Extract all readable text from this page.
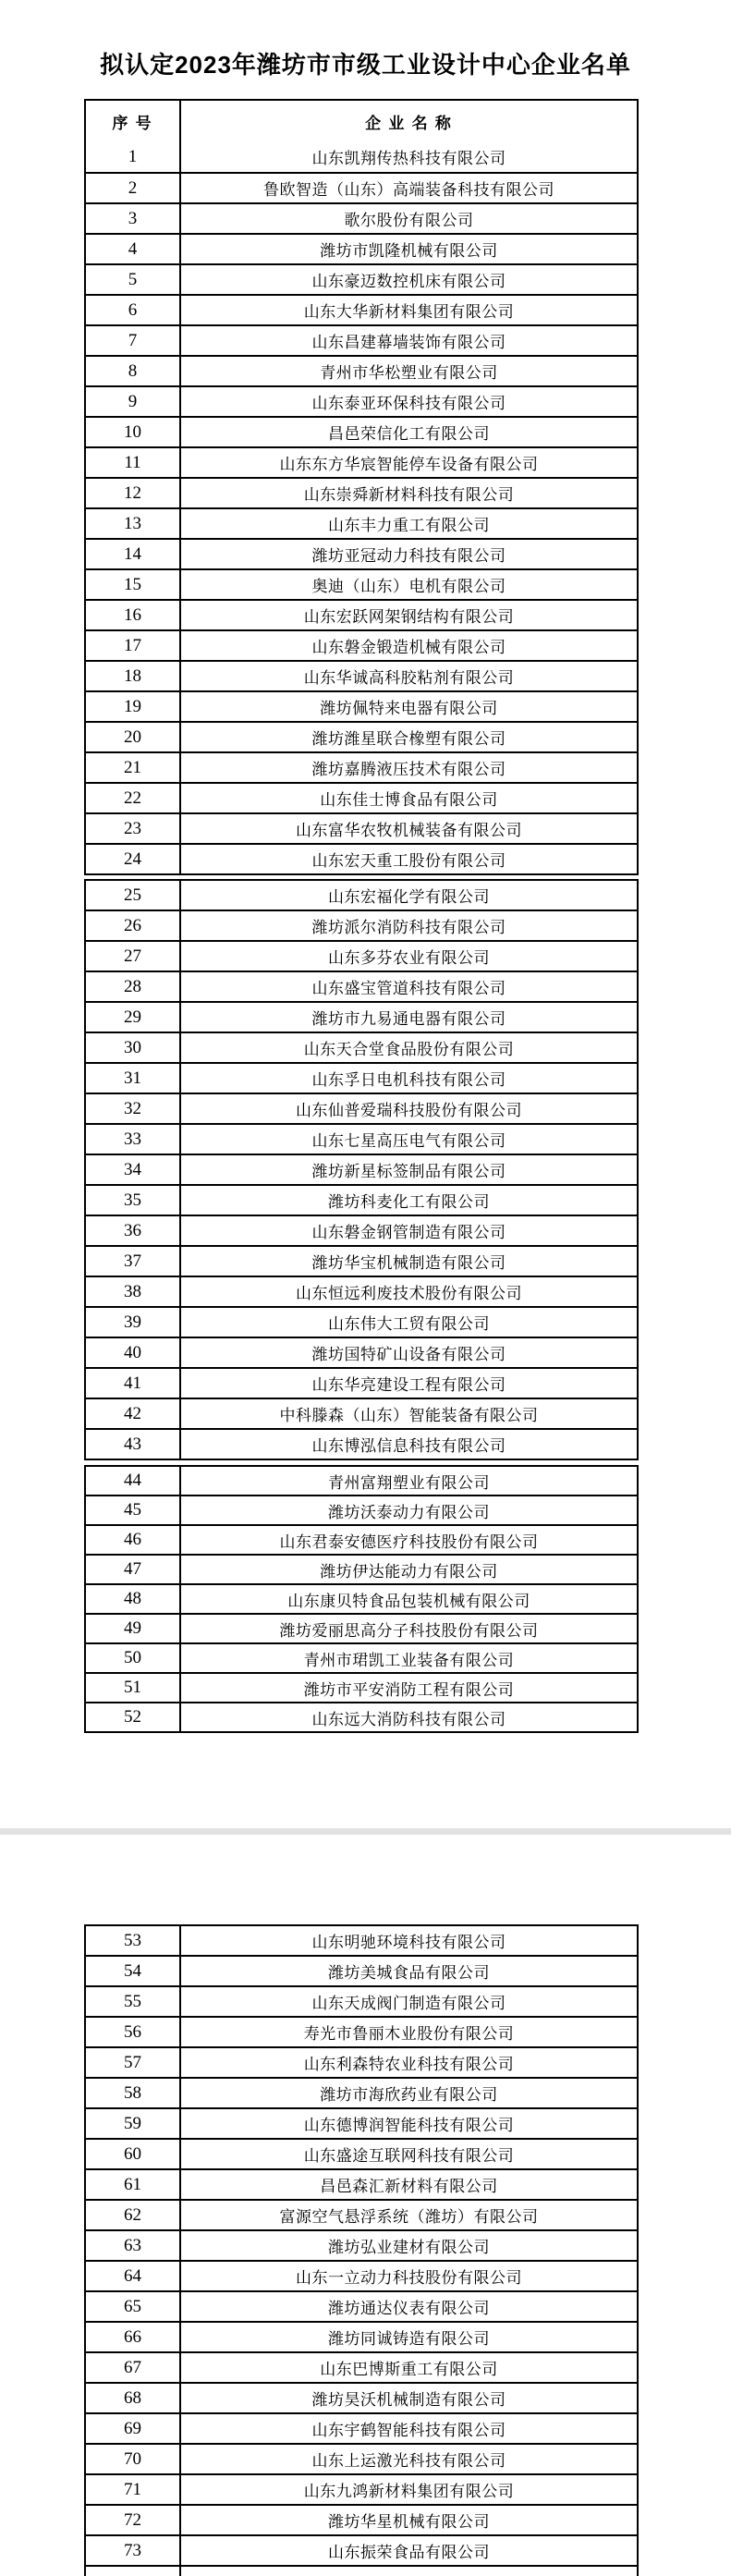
拟认定2023年潍坊市市级工业设计中心企业名单
序 号	企 业 名 称
1	山东凯翔传热科技有限公司
2	鲁欧智造（山东）高端装备科技有限公司
3	歌尔股份有限公司
4	潍坊市凯隆机械有限公司
5	山东豪迈数控机床有限公司
6	山东大华新材料集团有限公司
7	山东昌建幕墙装饰有限公司
8	青州市华松塑业有限公司
9	山东泰亚环保科技有限公司
10	昌邑荣信化工有限公司
11	山东东方华宸智能停车设备有限公司
12	山东崇舜新材料科技有限公司
13	山东丰力重工有限公司
14	潍坊亚冠动力科技有限公司
15	奥迪（山东）电机有限公司
16	山东宏跃网架钢结构有限公司
17	山东磐金锻造机械有限公司
18	山东华诚高科胶粘剂有限公司
19	潍坊佩特来电器有限公司
20	潍坊潍星联合橡塑有限公司
21	潍坊嘉腾液压技术有限公司
22	山东佳士博食品有限公司
23	山东富华农牧机械装备有限公司
24	山东宏天重工股份有限公司
25	山东宏福化学有限公司
26	潍坊派尔消防科技有限公司
27	山东多芬农业有限公司
28	山东盛宝管道科技有限公司
29	潍坊市九易通电器有限公司
30	山东天合堂食品股份有限公司
31	山东孚日电机科技有限公司
32	山东仙普爱瑞科技股份有限公司
33	山东七星高压电气有限公司
34	潍坊新星标签制品有限公司
35	潍坊科麦化工有限公司
36	山东磐金钢管制造有限公司
37	潍坊华宝机械制造有限公司
38	山东恒远利废技术股份有限公司
39	山东伟大工贸有限公司
40	潍坊国特矿山设备有限公司
41	山东华亮建设工程有限公司
42	中科滕森（山东）智能装备有限公司
43	山东博泓信息科技有限公司
44	青州富翔塑业有限公司
45	潍坊沃泰动力有限公司
46	山东君泰安德医疗科技股份有限公司
47	潍坊伊达能动力有限公司
48	山东康贝特食品包装机械有限公司
49	潍坊爱丽思高分子科技股份有限公司
50	青州市珺凯工业装备有限公司
51	潍坊市平安消防工程有限公司
52	山东远大消防科技有限公司
53	山东明驰环境科技有限公司
54	潍坊美城食品有限公司
55	山东天成阀门制造有限公司
56	寿光市鲁丽木业股份有限公司
57	山东利森特农业科技有限公司
58	潍坊市海欣药业有限公司
59	山东德博润智能科技有限公司
60	山东盛途互联网科技有限公司
61	昌邑森汇新材料有限公司
62	富源空气悬浮系统（潍坊）有限公司
63	潍坊弘业建材有限公司
64	山东一立动力科技股份有限公司
65	潍坊通达仪表有限公司
66	潍坊同诚铸造有限公司
67	山东巴博斯重工有限公司
68	潍坊昊沃机械制造有限公司
69	山东宇鹤智能科技有限公司
70	山东上运激光科技有限公司
71	山东九鸿新材料集团有限公司
72	潍坊华星机械有限公司
73	山东振荣食品有限公司
